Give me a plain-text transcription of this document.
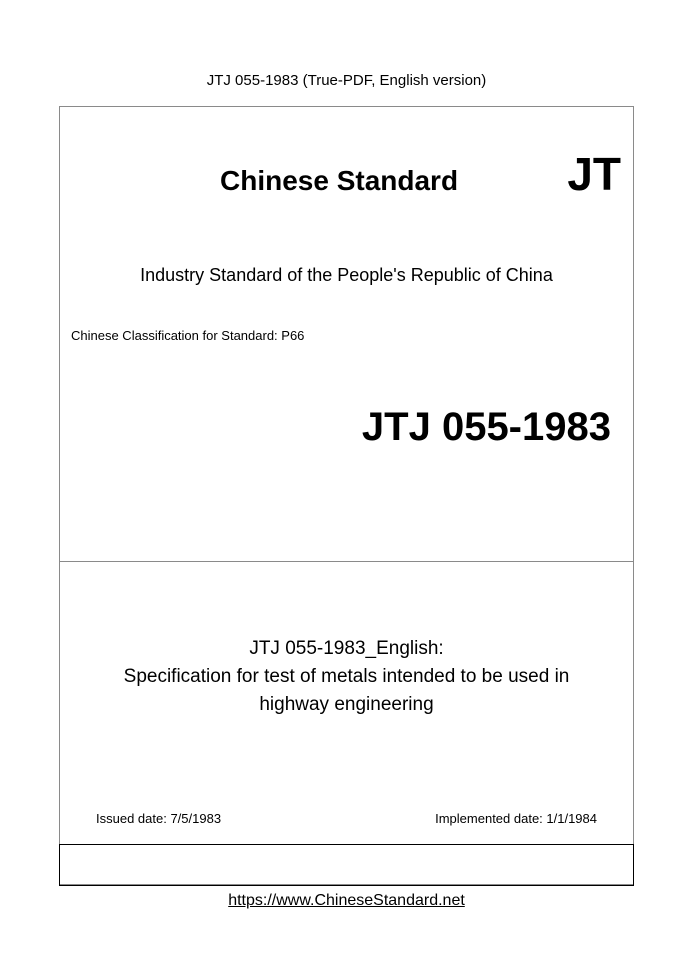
JTJ 055-1983 (True-PDF, English version)
Chinese Standard JT
Industry Standard of the People's Republic of China
Chinese Classification for Standard: P66
JTJ 055-1983
JTJ 055-1983_English:
Specification for test of metals intended to be used in
highway engineering
Issued date: 7/5/1983	Implemented date: 1/1/1984
https://www.ChineseStandard.net
